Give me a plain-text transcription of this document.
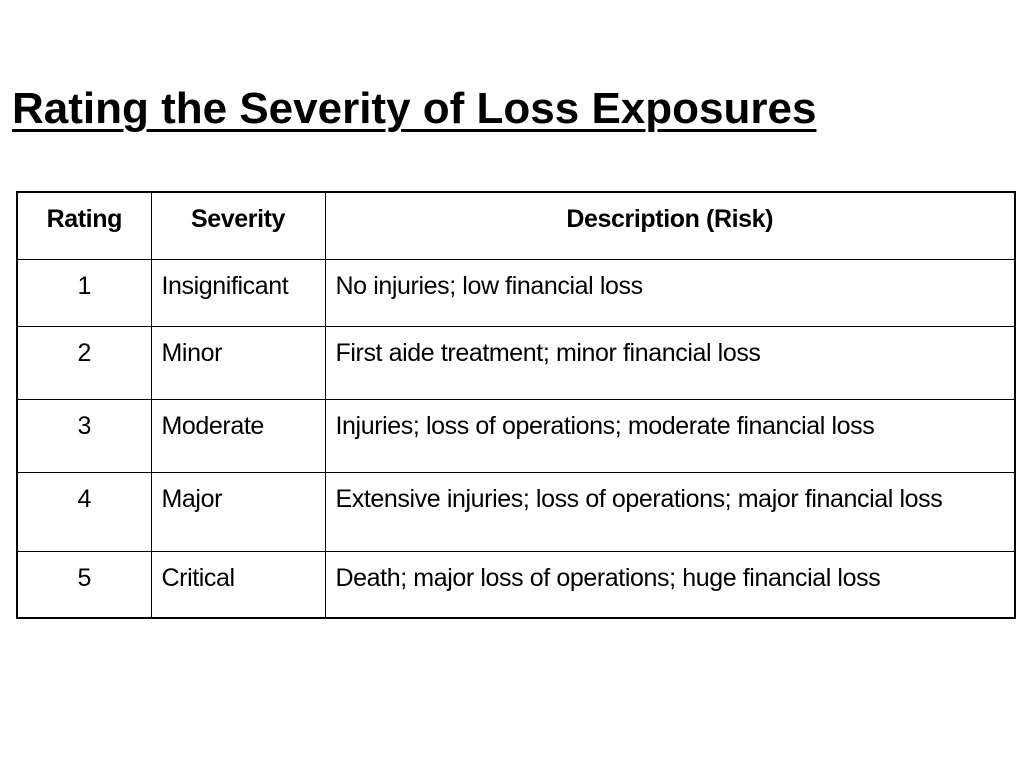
Rating the Severity of Loss Exposures
Rating	Severity	Description (Risk)
1	Insignificant	No injuries; low financial loss
2	Minor	First aide treatment; minor financial loss
3	Moderate	Injuries; loss of operations; moderate financial loss
4	Major	Extensive injuries; loss of operations; major financial loss
5	Critical	Death; major loss of operations; huge financial loss
